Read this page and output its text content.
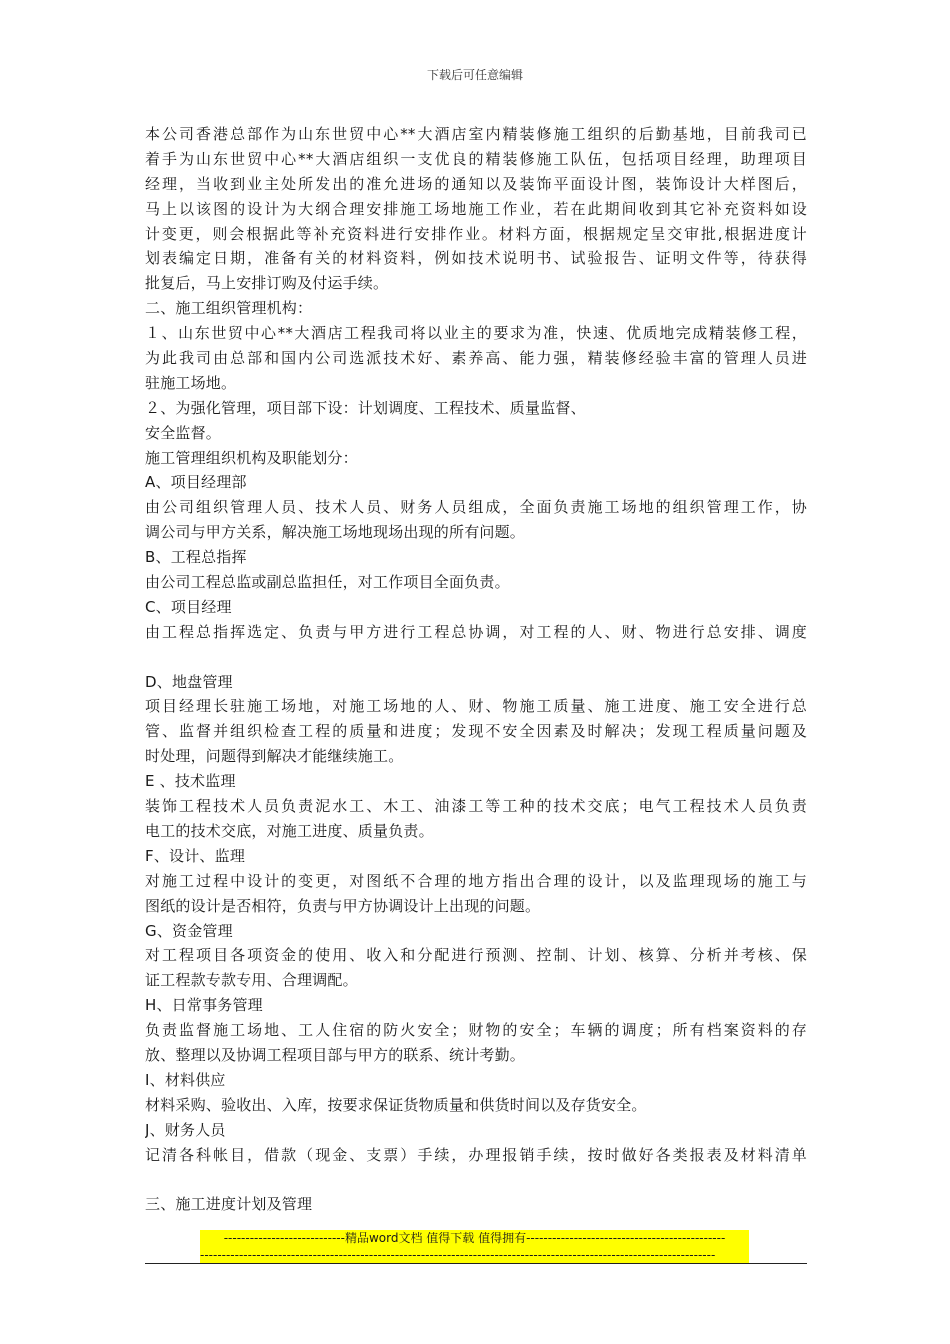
下载后可任意编辑
本公司香港总部作为山东世贸中心**大酒店室内精装修施工组织的后勤基地，目前我司已
着手为山东世贸中心**大酒店组织一支优良的精装修施工队伍，包括项目经理，助理项目
经理，当收到业主处所发出的准允进场的通知以及装饰平面设计图，装饰设计大样图后，
马上以该图的设计为大纲合理安排施工场地施工作业，若在此期间收到其它补充资料如设
计变更，则会根据此等补充资料进行安排作业。材料方面，根据规定呈交审批,根据进度计
划表编定日期，准备有关的材料资料，例如技术说明书、试验报告、证明文件等，待获得
批复后，马上安排订购及付运手续。
二、施工组织管理机构：
１、山东世贸中心**大酒店工程我司将以业主的要求为准，快速、优质地完成精装修工程，
为此我司由总部和国内公司选派技术好、素养高、能力强，精装修经验丰富的管理人员进
驻施工场地。
２、为强化管理，项目部下设：计划调度、工程技术、质量监督、
安全监督。
施工管理组织机构及职能划分：
A、项目经理部
由公司组织管理人员、技术人员、财务人员组成，全面负责施工场地的组织管理工作，协
调公司与甲方关系，解决施工场地现场出现的所有问题。
B、工程总指挥
由公司工程总监或副总监担任，对工作项目全面负责。
C、项目经理
由工程总指挥选定、负责与甲方进行工程总协调，对工程的人、财、物进行总安排、调度
D、地盘管理
项目经理长驻施工场地，对施工场地的人、财、物施工质量、施工进度、施工安全进行总
管、监督并组织检查工程的质量和进度；发现不安全因素及时解决；发现工程质量问题及
时处理，问题得到解决才能继续施工。
E 、技术监理
装饰工程技术人员负责泥水工、木工、油漆工等工种的技术交底；电气工程技术人员负责
电工的技术交底，对施工进度、质量负责。
F、设计、监理
对施工过程中设计的变更，对图纸不合理的地方指出合理的设计，以及监理现场的施工与
图纸的设计是否相符，负责与甲方协调设计上出现的问题。
G、资金管理
对工程项目各项资金的使用、收入和分配进行预测、控制、计划、核算、分析并考核、保
证工程款专款专用、合理调配。
H、日常事务管理
负责监督施工场地、工人住宿的防火安全；财物的安全；车辆的调度；所有档案资料的存
放、整理以及协调工程项目部与甲方的联系、统计考勤。
I、材料供应
材料采购、验收出、入库，按要求保证货物质量和供货时间以及存货安全。
J、财务人员
记清各科帐目，借款（现金、支票）手续，办理报销手续，按时做好各类报表及材料清单
三、施工进度计划及管理
----------------------------精品word文档 值得下载 值得拥有----------------------------------------------
-----------------------------------------------------------------------------------------------------------------------
